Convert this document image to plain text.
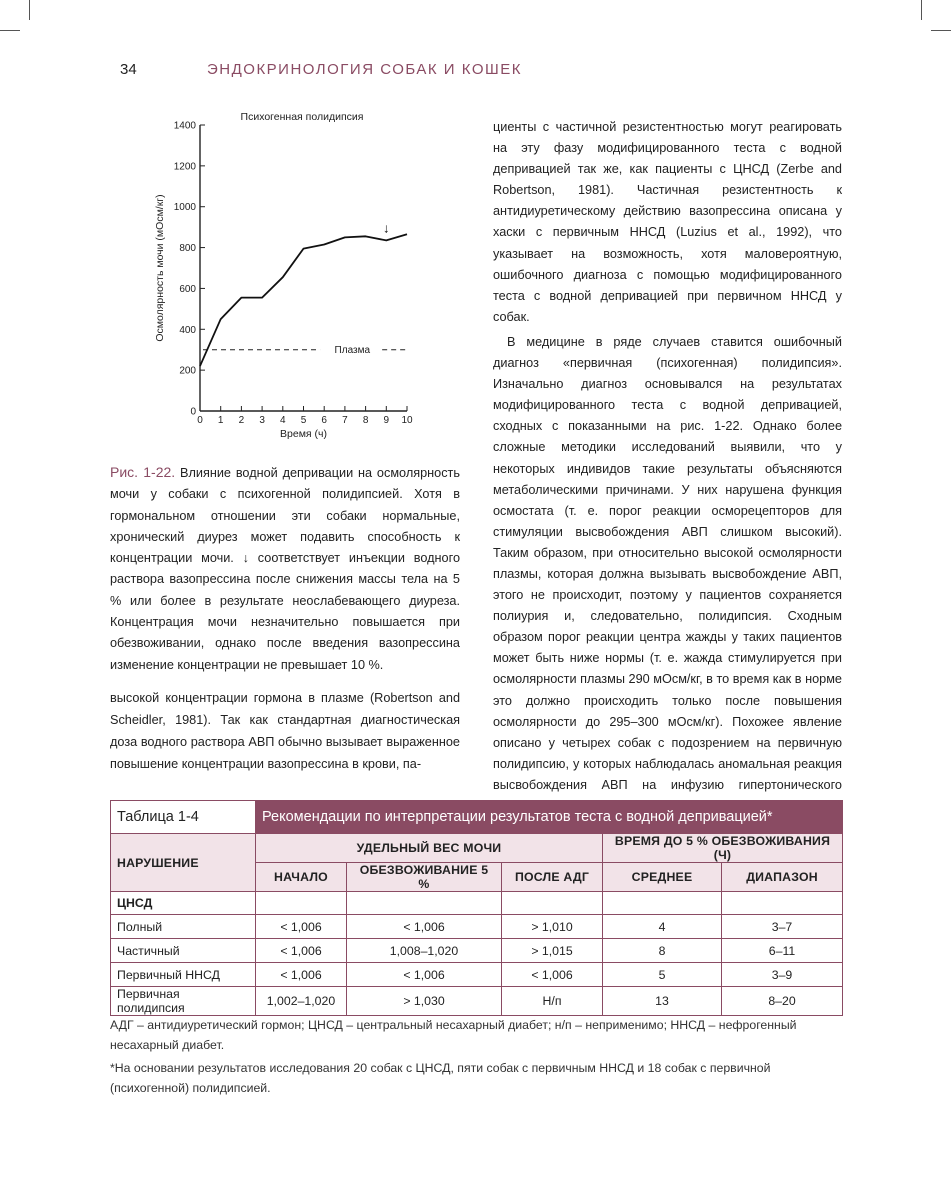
34	ЭНДОКРИНОЛОГИЯ СОБАК И КОШЕК
0
200
400
600
800
1000
1200
1400
0 1 2 3 4 5 6 7 8 9 10
Время (ч)
Осмолярность мочи (мОсм/кг)
Психогенная полидипсия
Плазма
↓
Рис. 1-22. Влияние водной депривации на осмолярность мочи у собаки с психогенной полидипсией. Хотя в гормональном отношении эти собаки нормальные, хронический диурез может подавить способность к концентрации мочи. ↓ соответствует инъекции водного раствора вазопрессина после снижения массы тела на 5 % или более в результате неослабевающего диуреза. Концентрация мочи незначительно повышается при обезвоживании, однако после введения вазопрессина изменение концентрации не превышает 10 %.

высокой концентрации гормона в плазме (Robertson and Scheidler, 1981). Так как стандартная диагностическая доза водного раствора АВП обычно вызывает выраженное повышение концентрации вазопрессина в крови, па-

циенты с частичной резистентностью могут реагировать на эту фазу модифицированного теста с водной депривацией так же, как пациенты с ЦНСД (Zerbe and Robertson, 1981). Частичная резистентность к антидиуретическому действию вазопрессина описана у хаски с первичным ННСД (Luzius et al., 1992), что указывает на возможность, хотя маловероятную, ошибочного диагноза с помощью модифицированного теста с водной депривацией при первичном ННСД у собак.

В медицине в ряде случаев ставится ошибочный диагноз «первичная (психогенная) полидипсия». Изначально диагноз основывался на результатах модифицированного теста с водной депривацией, сходных с показанными на рис. 1-22. Однако более сложные методики исследований выявили, что у некоторых индивидов такие результаты объясняются метаболическими причинами. У них нарушена функция осмостата (т. е. порог реакции осморецепторов для стимуляции высвобождения АВП слишком высокий). Таким образом, при относительно высокой осмолярности плазмы, которая должна вызывать высвобождение АВП, этого не происходит, поэтому у пациентов сохраняется полиурия и, следовательно, полидипсия. Сходным образом порог реакции центра жажды у таких пациентов может быть ниже нормы (т. е. жажда стимулируется при осмолярности плазмы 290 мОсм/кг, в то время как в норме это должно происходить только после повышения осмолярности до 295–300 мОсм/кг). Похожее явление описано у четырех собак с подозрением на первичную полидипсию, у которых наблюдалась аномальная реакция высвобождения АВП на инфузию гипертонического

Таблица 1-4	Рекомендации по интерпретации результатов теста с водной депривацией*				
НАРУШЕНИЕ	УДЕЛЬНЫЙ ВЕС МОЧИ			ВРЕМЯ ДО 5 % ОБЕЗВОЖИВАНИЯ (Ч)	
	НАЧАЛО	ОБЕЗВОЖИВАНИЕ 5 %	ПОСЛЕ АДГ	СРЕДНЕЕ	ДИАПАЗОН
ЦНСД					
Полный	< 1,006	< 1,006	> 1,010	4	3–7
Частичный	< 1,006	1,008–1,020	> 1,015	8	6–11
Первичный ННСД	< 1,006	< 1,006	< 1,006	5	3–9
Первичная полидипсия	1,002–1,020	> 1,030	Н/п	13	8–20

АДГ – антидиуретический гормон; ЦНСД – центральный несахарный диабет; н/п – неприменимо; ННСД – нефрогенный несахарный диабет.

*На основании результатов исследования 20 собак с ЦНСД, пяти собак с первичным ННСД и 18 собак с первичной (психогенной) полидипсией.
